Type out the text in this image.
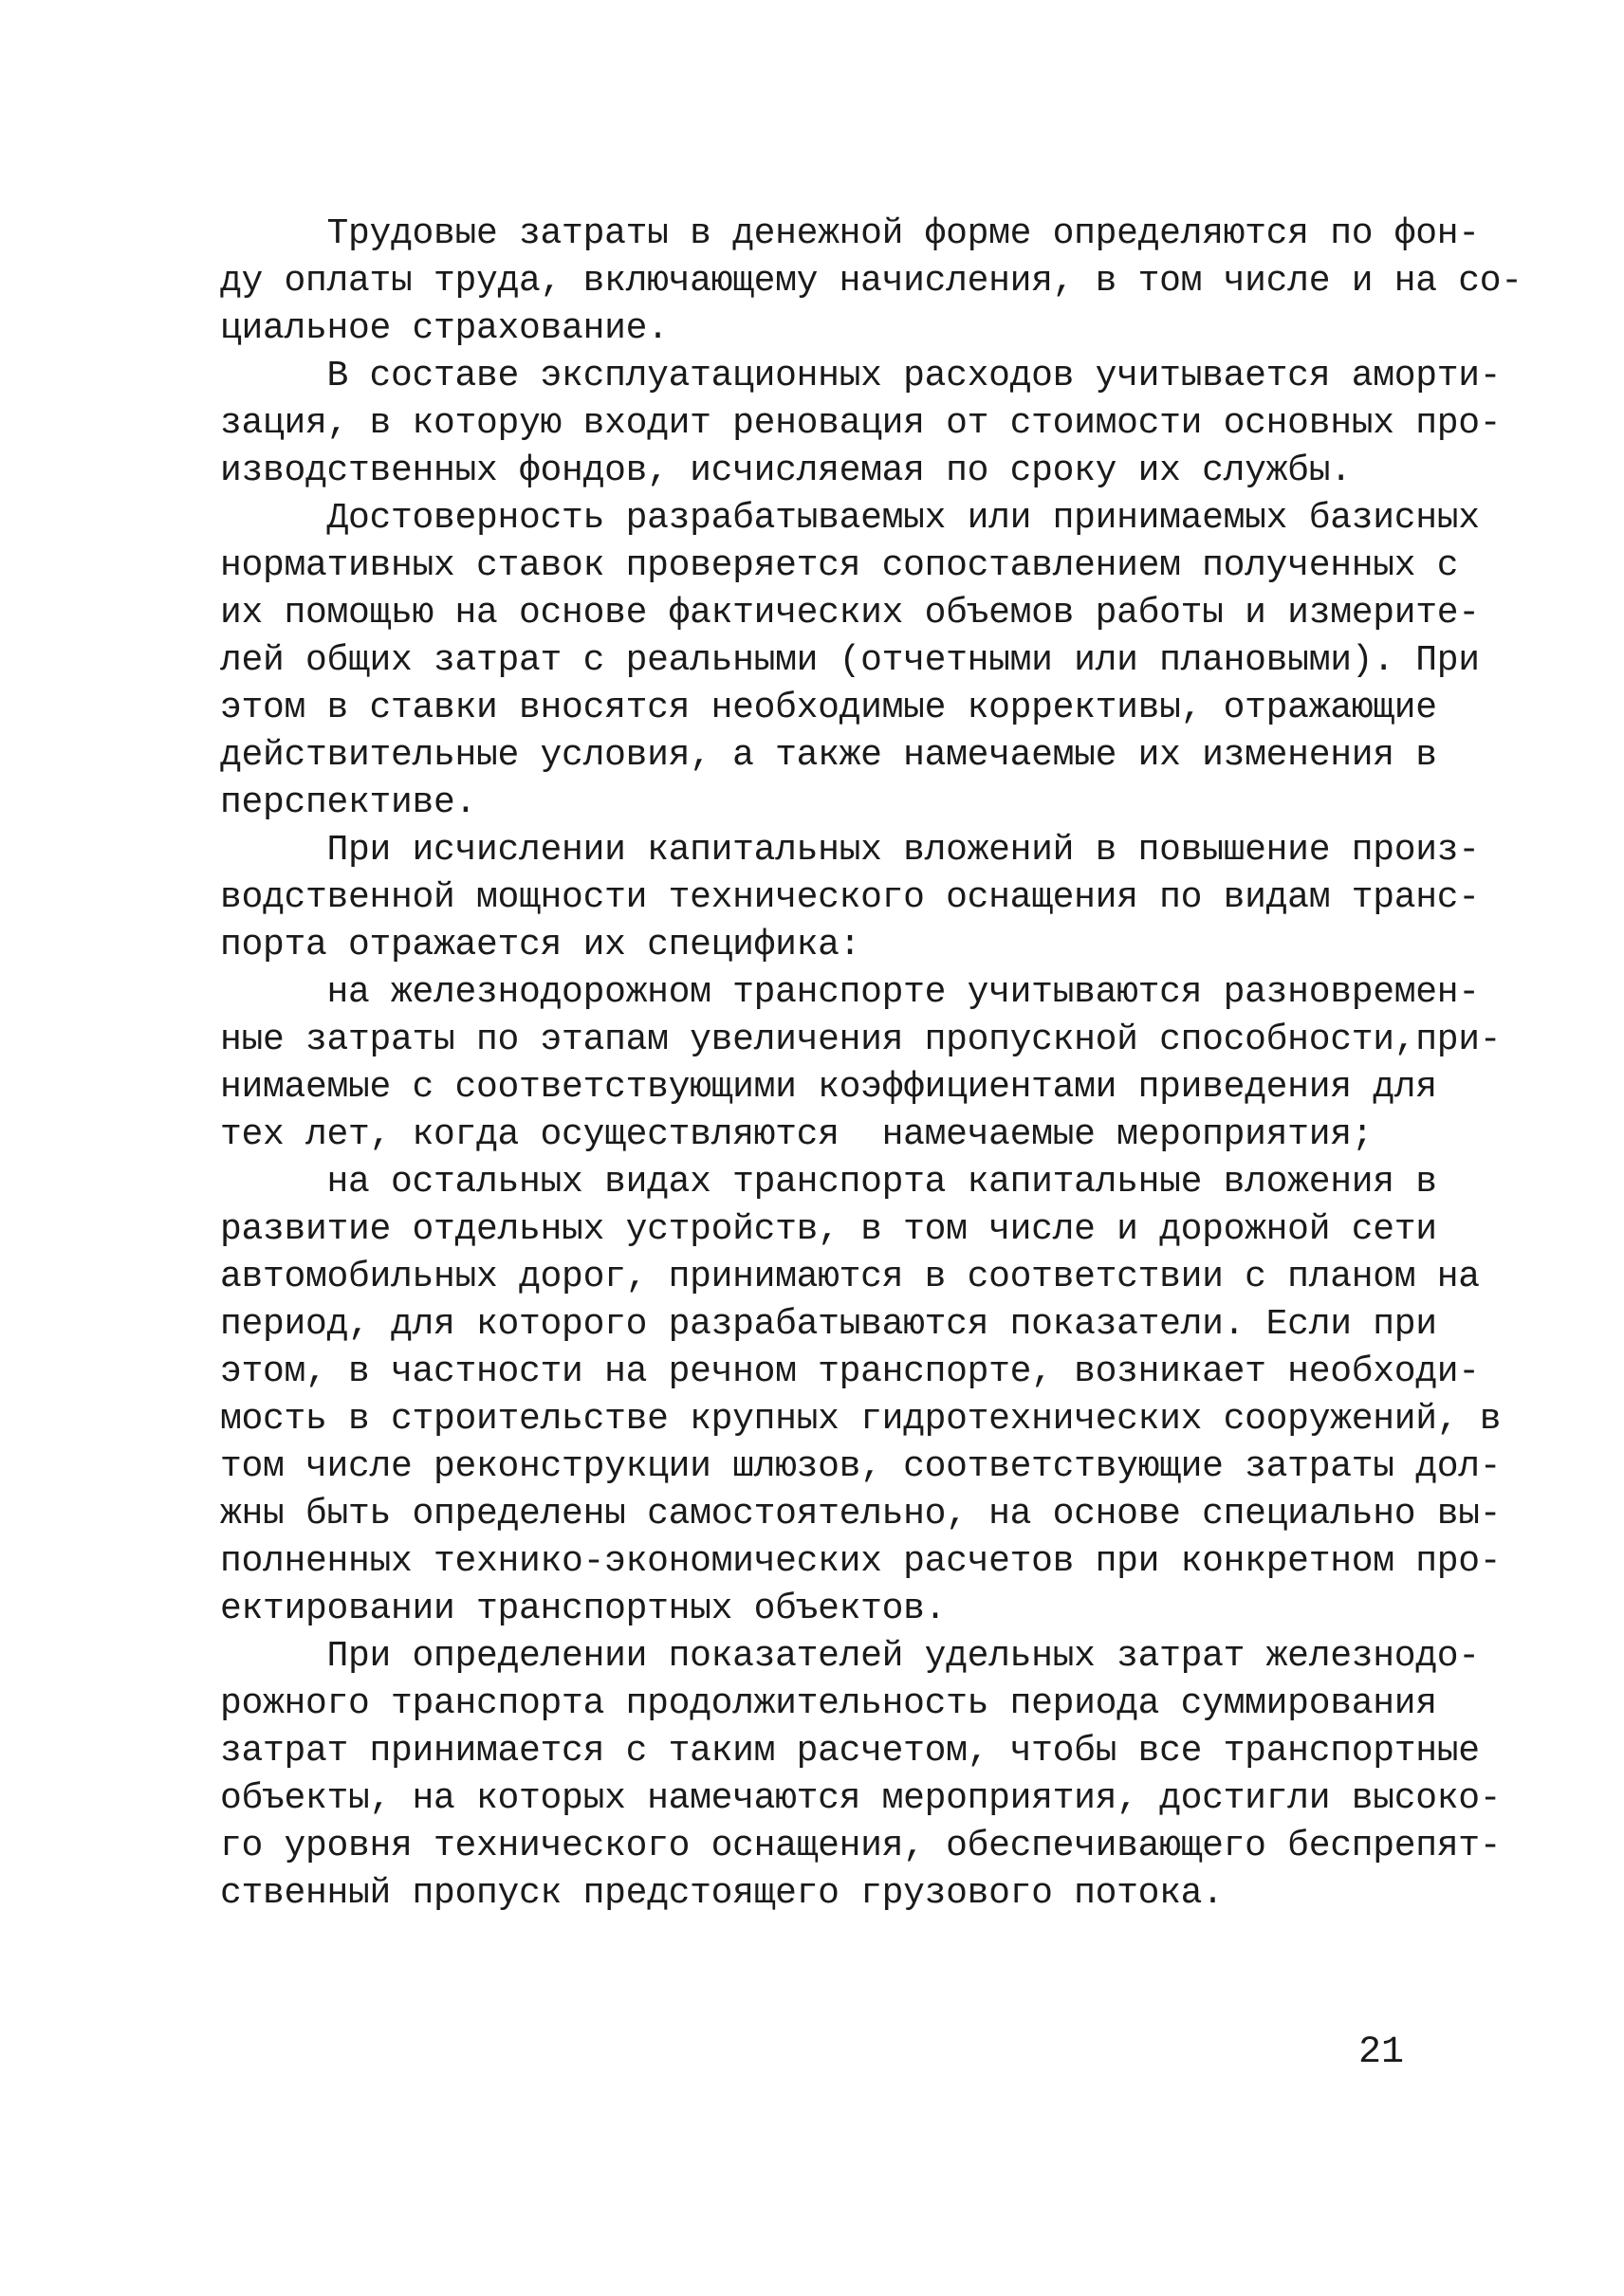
Трудовые затраты в денежной форме определяются по фон-
ду оплаты труда, включающему начисления, в том числе и на со-
циальное страхование.
В составе эксплуатационных расходов учитывается аморти-
зация, в которую входит реновация от стоимости основных про-
изводственных фондов, исчисляемая по сроку их службы.
Достоверность разрабатываемых или принимаемых базисных
нормативных ставок проверяется сопоставлением полученных с
их помощью на основе фактических объемов работы и измерите-
лей общих затрат с реальными (отчетными или плановыми). При
этом в ставки вносятся необходимые коррективы, отражающие
действительные условия, а также намечаемые их изменения в
перспективе.
При исчислении капитальных вложений в повышение произ-
водственной мощности технического оснащения по видам транс-
порта отражается их специфика:
на железнодорожном транспорте учитываются разновремен-
ные затраты по этапам увеличения пропускной способности,при-
нимаемые с соответствующими коэффициентами приведения для
тех лет, когда осуществляются  намечаемые мероприятия;
на остальных видах транспорта капитальные вложения в
развитие отдельных устройств, в том числе и дорожной сети
автомобильных дорог, принимаются в соответствии с планом на
период, для которого разрабатываются показатели. Если при
этом, в частности на речном транспорте, возникает необходи-
мость в строительстве крупных гидротехнических сооружений, в
том числе реконструкции шлюзов, соответствующие затраты дол-
жны быть определены самостоятельно, на основе специально вы-
полненных технико-экономических расчетов при конкретном про-
ектировании транспортных объектов.
При определении показателей удельных затрат железнодо-
рожного транспорта продолжительность периода суммирования
затрат принимается с таким расчетом, чтобы все транспортные
объекты, на которых намечаются мероприятия, достигли высоко-
го уровня технического оснащения, обеспечивающего беспрепят-
ственный пропуск предстоящего грузового потока.
21
